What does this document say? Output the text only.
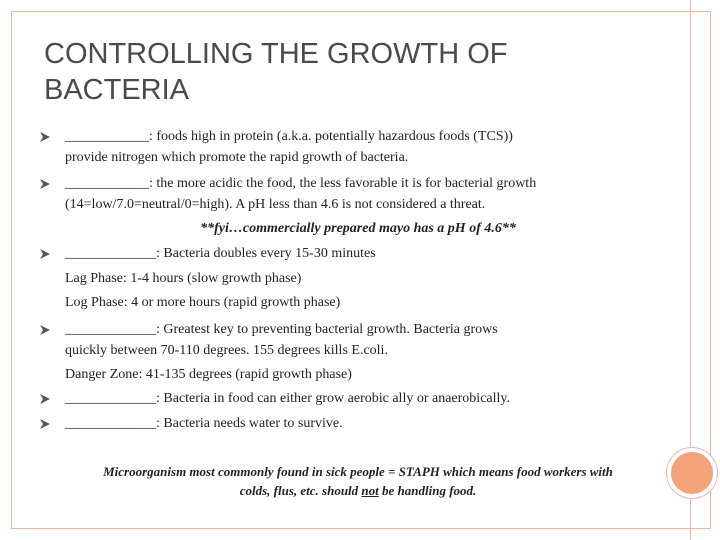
CONTROLLING THE GROWTH OF BACTERIA
____________: foods high in protein (a.k.a. potentially hazardous foods (TCS))
provide nitrogen which promote the rapid growth of bacteria.
____________: the more acidic the food, the less favorable it is for bacterial growth
(14=low/7.0=neutral/0=high). A pH less than 4.6 is not considered a threat.
**fyi…commercially prepared mayo has a pH of 4.6**
_____________: Bacteria doubles every 15-30 minutes
Lag Phase: 1-4 hours (slow growth phase)
Log Phase: 4 or more hours (rapid growth phase)
_____________: Greatest key to preventing bacterial growth. Bacteria grows
quickly between 70-110 degrees. 155 degrees kills E.coli.
Danger Zone: 41-135 degrees (rapid growth phase)
_____________: Bacteria in food can either grow aerobic ally or anaerobically.
_____________: Bacteria needs water to survive.
Microorganism most commonly found in sick people = STAPH which means food workers with
colds, flus, etc. should not be handling food.
